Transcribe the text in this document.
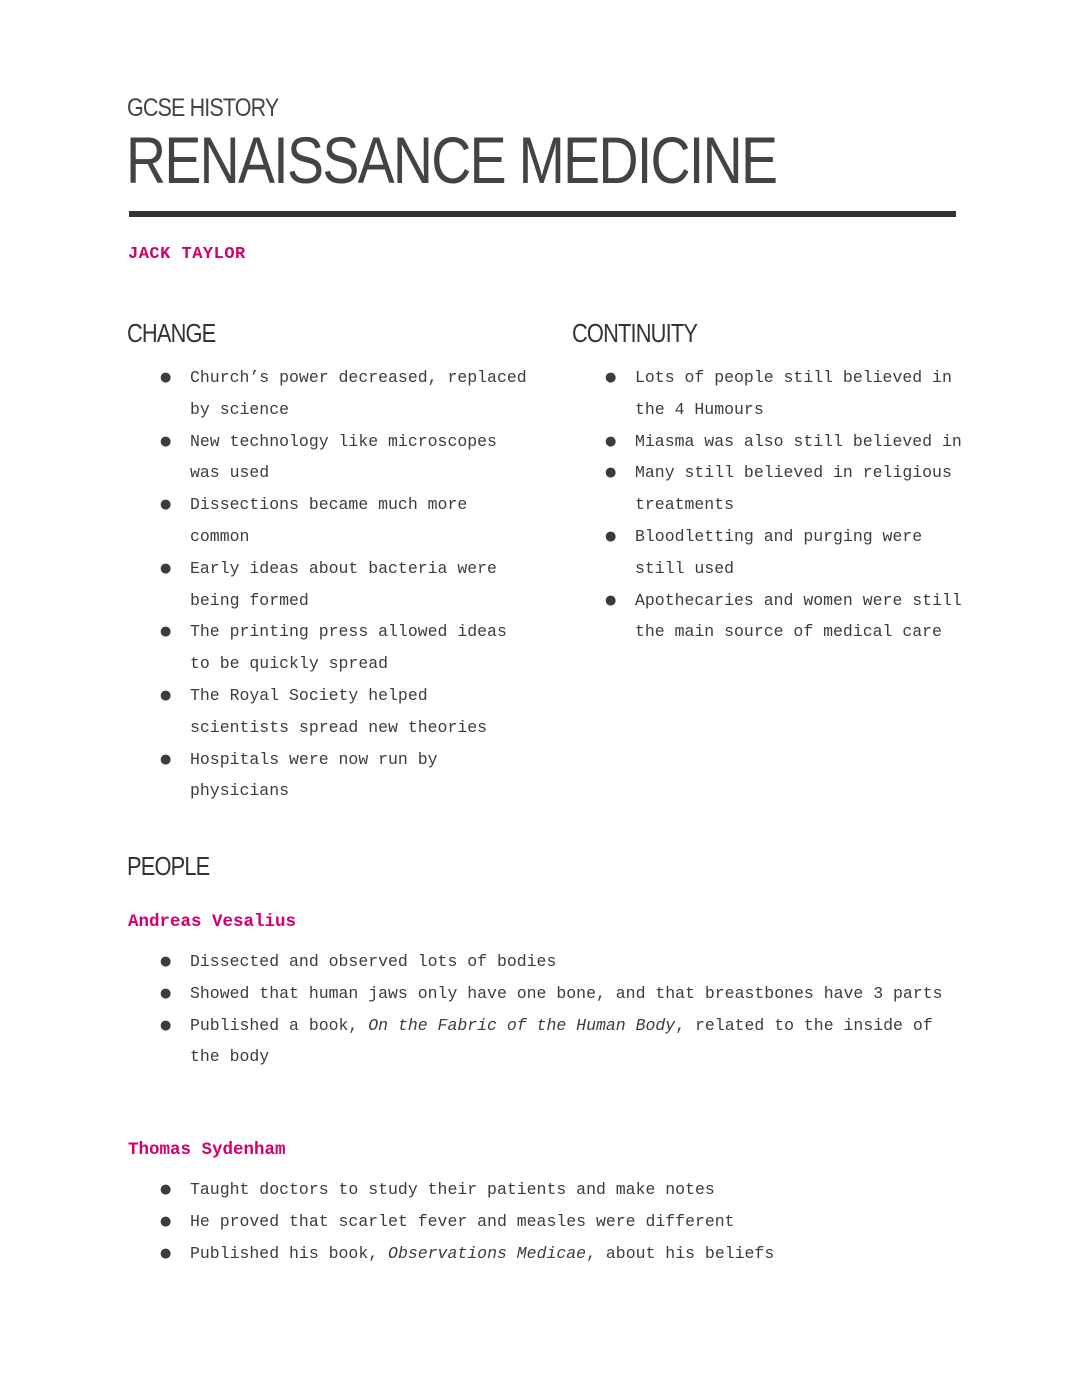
GCSE HISTORY
RENAISSANCE MEDICINE
JACK TAYLOR
CHANGE
●	Church’s power decreased, replaced by science
●	New technology like microscopes was used
●	Dissections became much more common
●	Early ideas about bacteria were being formed
●	The printing press allowed ideas to be quickly spread
●	The Royal Society helped scientists spread new theories
●	Hospitals were now run by physicians
CONTINUITY
●	Lots of people still believed in the 4 Humours
●	Miasma was also still believed in
●	Many still believed in religious treatments
●	Bloodletting and purging were still used
●	Apothecaries and women were still the main source of medical care
PEOPLE
Andreas Vesalius
●	Dissected and observed lots of bodies
●	Showed that human jaws only have one bone, and that breastbones have 3 parts
●	Published a book, On the Fabric of the Human Body, related to the inside of the body
Thomas Sydenham
●	Taught doctors to study their patients and make notes
●	He proved that scarlet fever and measles were different
●	Published his book, Observations Medicae, about his beliefs
